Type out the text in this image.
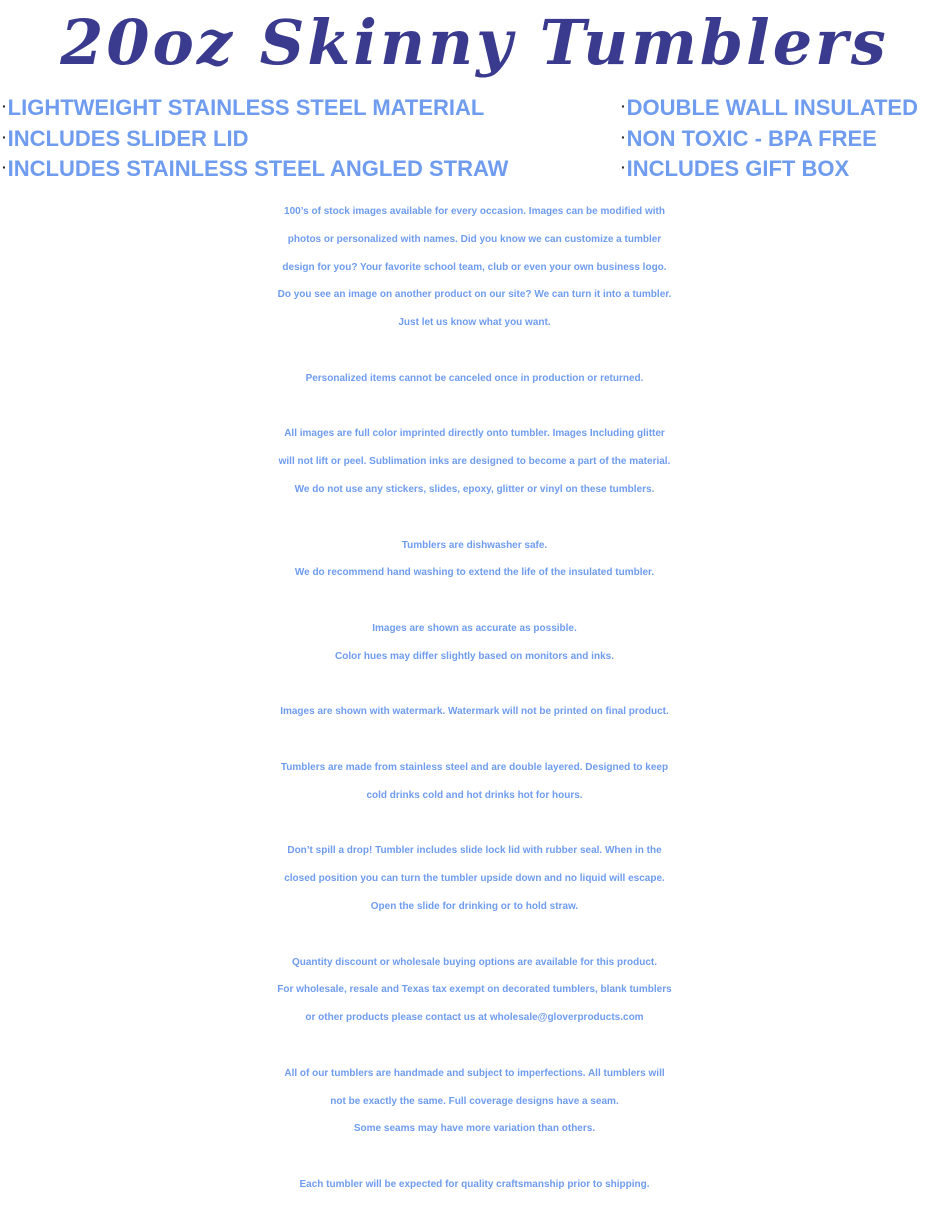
20oz Skinny Tumblers
·LIGHTWEIGHT STAINLESS STEEL MATERIAL
·INCLUDES SLIDER LID
·INCLUDES STAINLESS STEEL ANGLED STRAW
·DOUBLE WALL INSULATED
·NON TOXIC - BPA FREE
·INCLUDES GIFT BOX

100’s of stock images available for every occasion. Images can be modified with
photos or personalized with names. Did you know we can customize a tumbler
design for you? Your favorite school team, club or even your own business logo.
Do you see an image on another product on our site? We can turn it into a tumbler.
Just let us know what you want.

Personalized items cannot be canceled once in production or returned.

All images are full color imprinted directly onto tumbler. Images Including glitter
will not lift or peel. Sublimation inks are designed to become a part of the material.
We do not use any stickers, slides, epoxy, glitter or vinyl on these tumblers.

Tumblers are dishwasher safe.
We do recommend hand washing to extend the life of the insulated tumbler.

Images are shown as accurate as possible.
Color hues may differ slightly based on monitors and inks.

Images are shown with watermark. Watermark will not be printed on final product.

Tumblers are made from stainless steel and are double layered. Designed to keep
cold drinks cold and hot drinks hot for hours.

Don’t spill a drop! Tumbler includes slide lock lid with rubber seal. When in the
closed position you can turn the tumbler upside down and no liquid will escape.
Open the slide for drinking or to hold straw.

Quantity discount or wholesale buying options are available for this product.
For wholesale, resale and Texas tax exempt on decorated tumblers, blank tumblers
or other products please contact us at wholesale@gloverproducts.com

All of our tumblers are handmade and subject to imperfections. All tumblers will
not be exactly the same. Full coverage designs have a seam.
Some seams may have more variation than others.

Each tumbler will be expected for quality craftsmanship prior to shipping.
